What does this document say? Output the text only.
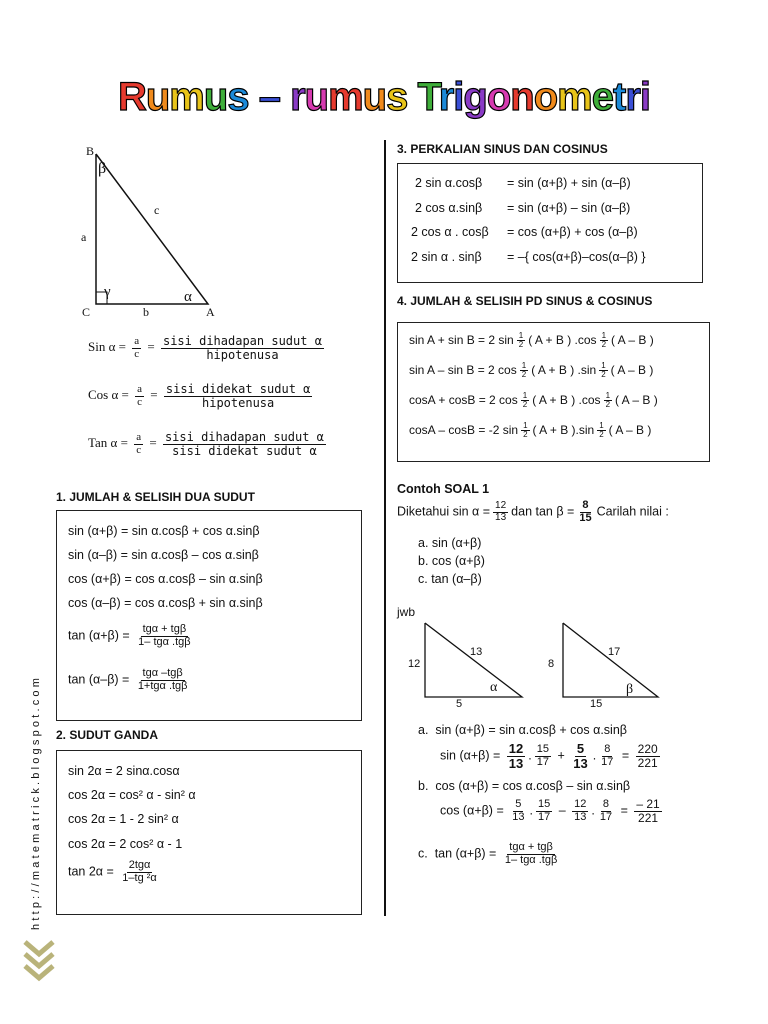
Rumus – rumus Trigonometri
http://matematrick.blogspot.com
B
β
c
a
γ	α
C	b	A
Sin $\alpha = \frac{a}{c} = \frac{\text{sisi dihadapan sudut α}}{\text{hipotenusa}}$
Cos $\alpha = \frac{a}{c} = \frac{\text{sisi didekat sudut α}}{\text{hipotenusa}}$
Tan $\alpha = \frac{a}{c} = \frac{\text{sisi dihadapan sudut α}}{\text{sisi didekat sudut α}}$
1. JUMLAH & SELISIH DUA SUDUT
sin (α+β) = sin α.cosβ + cos α.sinβ
sin (α–β) = sin α.cosβ – cos α.sinβ
cos (α+β) = cos α.cosβ – sin α.sinβ
cos (α–β) = cos α.cosβ + sin α.sinβ
$\tan (\alpha+\beta) = \frac{\text{tgα + tgβ}}{\text{1– tgα .tgβ}}$
$\tan (\alpha-\beta) = \frac{\text{tgα –tgβ}}{\text{1+tgα .tgβ}}$
2. SUDUT GANDA
sin 2α = 2 sinα.cosα
cos 2α = cos² α - sin² α
cos 2α = 1 - 2 sin² α
cos 2α = 2 cos² α - 1
$\tan 2\alpha = \frac{\text{2tgα}}{\text{1–tg ²α}}$
3. PERKALIAN SINUS DAN COSINUS
2 sin α.cosβ = sin (α+β) + sin (α–β)
2 cos α.sinβ = sin (α+β) – sin (α–β)
2 cos α . cosβ = cos (α+β) + cos (α–β)
2 sin α . sinβ = –{ cos(α+β)–cos(α–β) }
4. JUMLAH & SELISIH PD SINUS & COSINUS
sin A + sin B = 2 $\sin \frac{1}{2}$ ( A + B ) $.\cos \frac{1}{2}$ ( A – B )
sin A – sin B = 2 $\cos \frac{1}{2}$ ( A + B ) $.\sin \frac{1}{2}$ ( A – B )
cosA + cosB = 2 $\cos \frac{1}{2}$ ( A + B ) $.\cos \frac{1}{2}$ ( A – B )
cosA – cosB = -2 $\sin \frac{1}{2}$ ( A + B )$.\sin \frac{1}{2}$ ( A – B )
Contoh SOAL 1
Diketahui $\sin \alpha = \frac{12}{13}$ dan $\tan \beta = \frac{8}{15}$ Carilah nilai :
a. sin (α+β)
b. cos (α+β)
c. tan (α–β)
jwb
12
13
5
α
8
17
15
β
a. sin (α+β) = sin α.cosβ + cos α.sinβ
$\sin (\alpha+\beta) = \frac{12}{13}$ . $\frac{15}{17} + \frac{5}{13}$ . $\frac{8}{17} = \frac{220}{221}$
b. cos (α+β) = cos α.cosβ – sin α.sinβ
$\cos (\alpha+\beta) = \frac{5}{13}$ . $\frac{15}{17} - \frac{12}{13}$ . $\frac{8}{17} = \frac{- 21}{221}$
c. $\tan (\alpha+\beta) = \frac{\text{tgα + tgβ}}{\text{1– tgα .tgβ}}$
